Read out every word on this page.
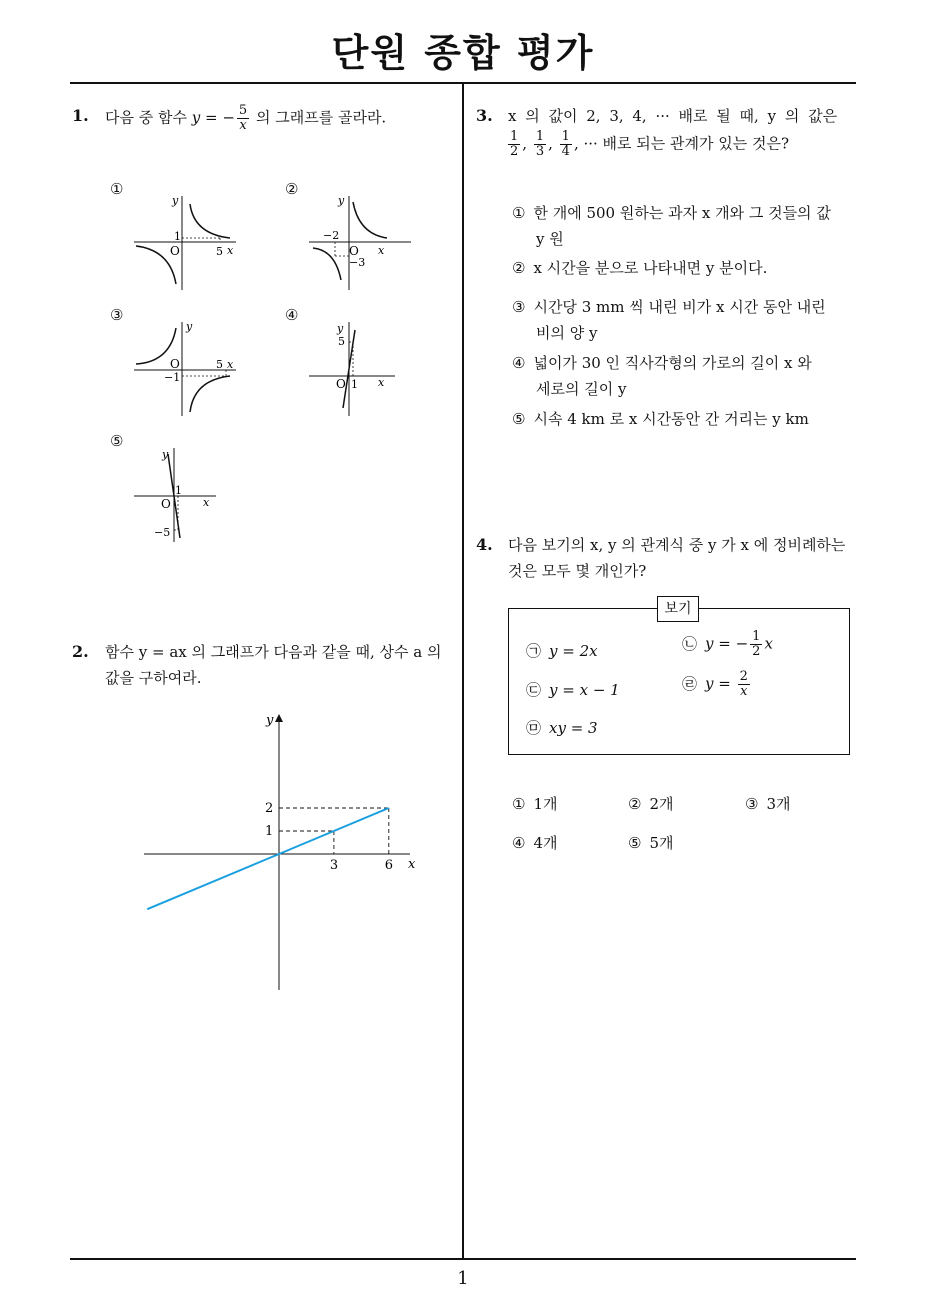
단원 종합 평가
1
1. 다음 중 함수 y = − $\frac{5}{x}$ 의 그래프를 골라라.
①
y
x
O
1
5
②
y
x
O
−2
−3
③
y
x
O	5
−1
④
y
x
O
5
1
⑤
y
x
O
1
−5
2. 함수 y = ax 의 그래프가 다음과 같을 때, 상수 a 의
값을 구하여라.
x
y
3	6
1
2
3. x 의 값이 2, 3, 4, ··· 배로 될 때, y 의 값은
$\frac{1}{2}$ , $\frac{1}{3}$ , $\frac{1}{4}$ , ··· 배로 되는 관계가 있는 것은?
① 한 개에 500 원하는 과자 x 개와 그 것들의 값
y 원
② x 시간을 분으로 나타내면 y 분이다.
③ 시간당 3 mm 씩 내린 비가 x 시간 동안 내린
비의 양 y
④ 넓이가 30 인 직사각형의 가로의 길이 x 와
세로의 길이 y
⑤ 시속 4 km 로 x 시간동안 간 거리는 y km
4. 다음 보기의 x, y 의 관계식 중 y 가 x 에 정비례하는
것은 모두 몇 개인가?
보기
㉠ y = 2x	㉡ y = − $\frac{1}{2}$ x
㉢ y = x − 1	㉣ $y = \frac{2}{x}$
㉤ xy = 3
① 1개	② 2개	③ 3개
④ 4개	⑤ 5개
